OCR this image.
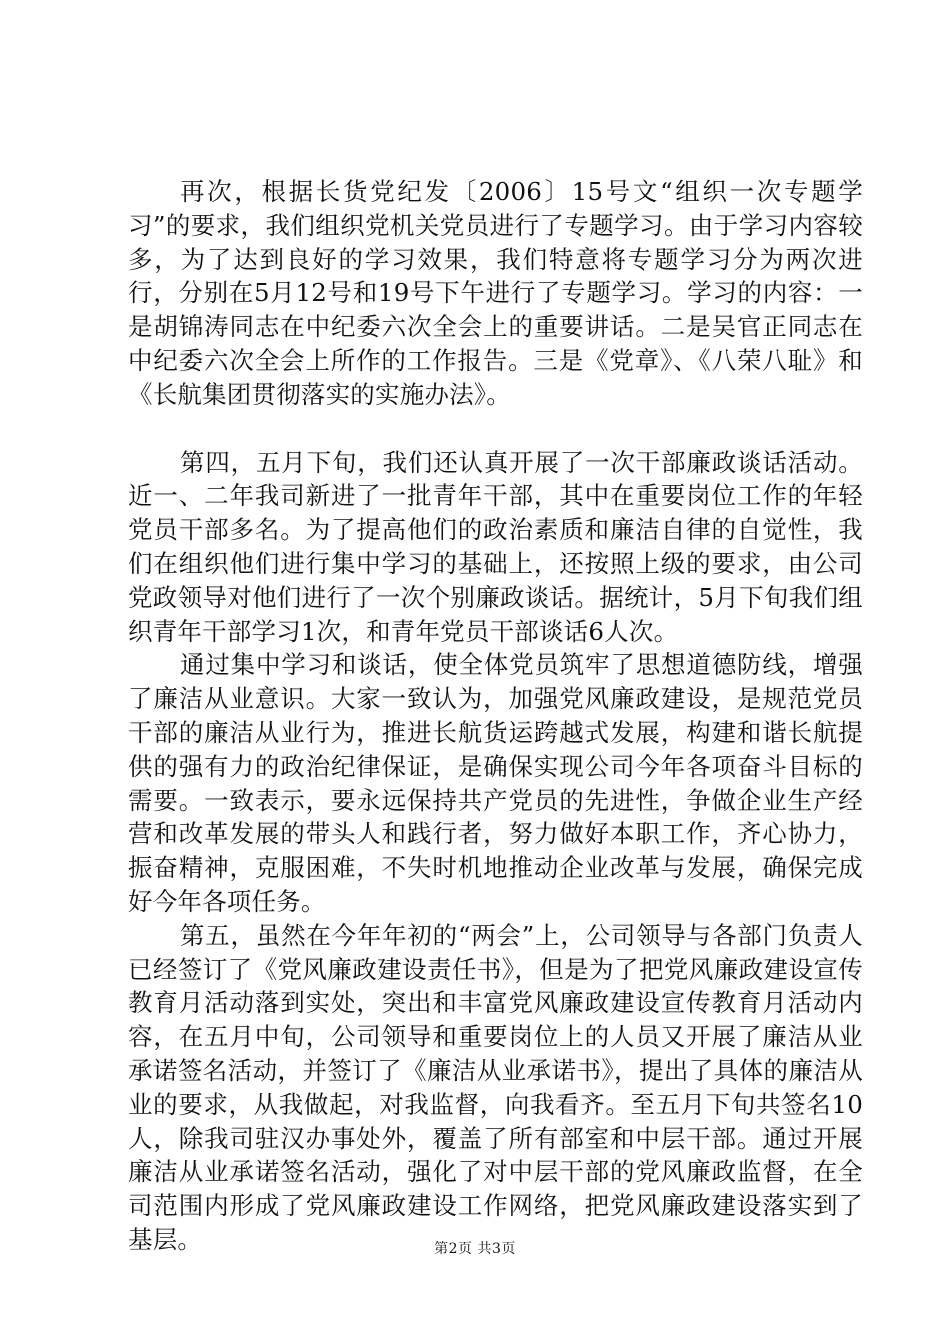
再次，根据长货党纪发〔2006〕15号文“组织一次专题学习”的要求，我们组织党机关党员进行了专题学习。由于学习内容较多，为了达到良好的学习效果，我们特意将专题学习分为两次进行，分别在5月12号和19号下午进行了专题学习。学习的内容：一是胡锦涛同志在中纪委六次全会上的重要讲话。二是吴官正同志在中纪委六次全会上所作的工作报告。三是《党章》、《八荣八耻》和《长航集团贯彻落实的实施办法》。

第四，五月下旬，我们还认真开展了一次干部廉政谈话活动。近一、二年我司新进了一批青年干部，其中在重要岗位工作的年轻党员干部多名。为了提高他们的政治素质和廉洁自律的自觉性，我们在组织他们进行集中学习的基础上，还按照上级的要求，由公司党政领导对他们进行了一次个别廉政谈话。据统计，5月下旬我们组织青年干部学习1次，和青年党员干部谈话6人次。

通过集中学习和谈话，使全体党员筑牢了思想道德防线，增强了廉洁从业意识。大家一致认为，加强党风廉政建设，是规范党员干部的廉洁从业行为，推进长航货运跨越式发展，构建和谐长航提供的强有力的政治纪律保证，是确保实现公司今年各项奋斗目标的需要。一致表示，要永远保持共产党员的先进性，争做企业生产经营和改革发展的带头人和践行者，努力做好本职工作，齐心协力，振奋精神，克服困难，不失时机地推动企业改革与发展，确保完成好今年各项任务。

第五，虽然在今年年初的“两会”上，公司领导与各部门负责人已经签订了《党风廉政建设责任书》，但是为了把党风廉政建设宣传教育月活动落到实处，突出和丰富党风廉政建设宣传教育月活动内容，在五月中旬，公司领导和重要岗位上的人员又开展了廉洁从业承诺签名活动，并签订了《廉洁从业承诺书》，提出了具体的廉洁从业的要求，从我做起，对我监督，向我看齐。至五月下旬共签名10人，除我司驻汉办事处外，覆盖了所有部室和中层干部。通过开展廉洁从业承诺签名活动，强化了对中层干部的党风廉政监督，在全司范围内形成了党风廉政建设工作网络，把党风廉政建设落实到了基层。	第2页 共3页
